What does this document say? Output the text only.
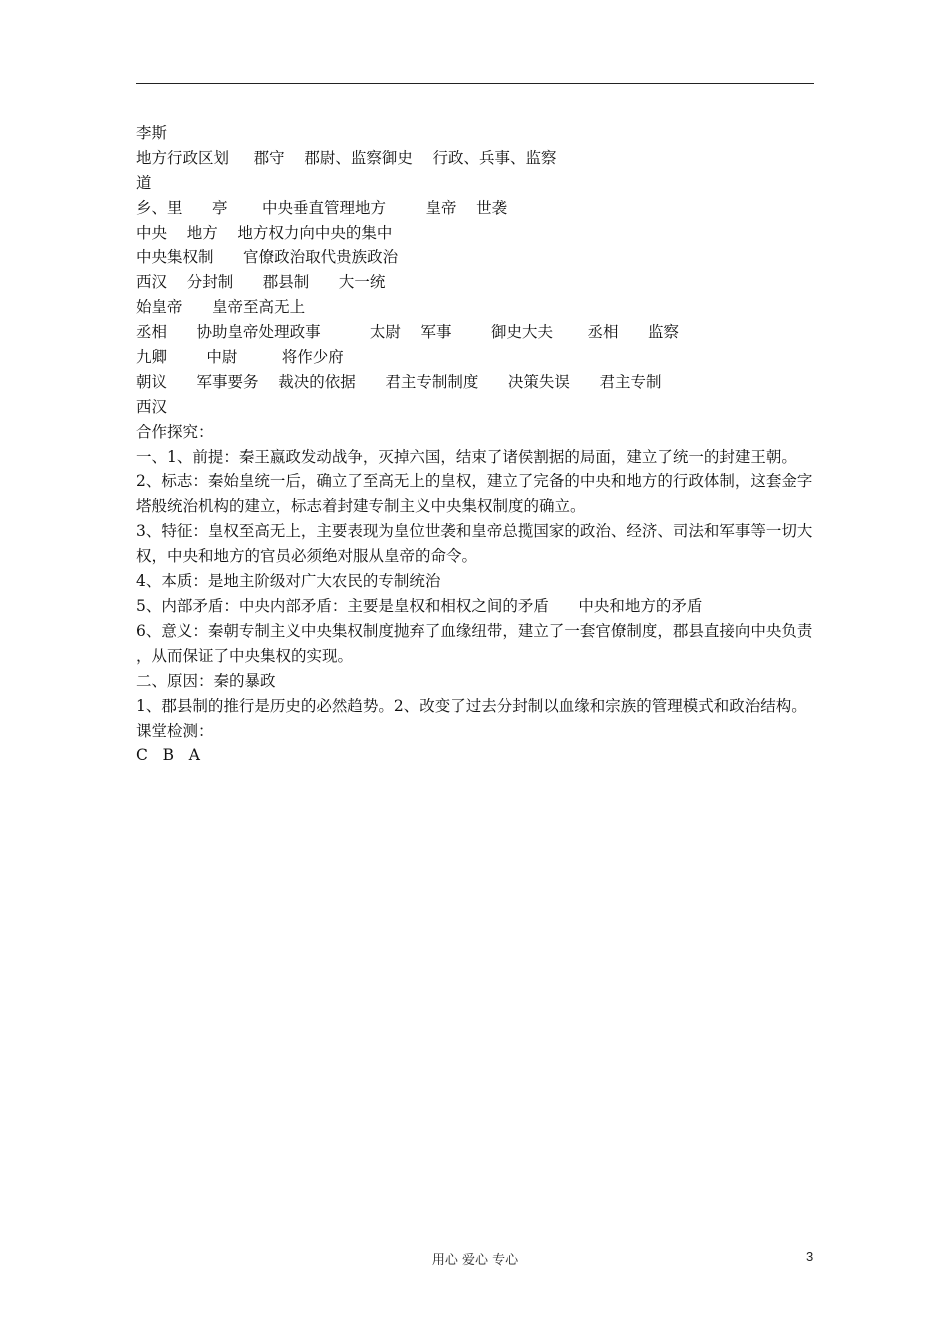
李斯
地方行政区划     郡守    郡尉、监察御史    行政、兵事、监察
道
乡、里      亭       中央垂直管理地方        皇帝    世袭
中央    地方    地方权力向中央的集中
中央集权制      官僚政治取代贵族政治
西汉    分封制      郡县制      大一统
始皇帝      皇帝至高无上
丞相      协助皇帝处理政事          太尉    军事        御史大夫       丞相      监察
九卿        中尉         将作少府
朝议      军事要务    裁决的依据      君主专制制度      决策失误      君主专制
西汉
合作探究：
一、1、前提：秦王嬴政发动战争，灭掉六国，结束了诸侯割据的局面，建立了统一的封建王朝。
2、标志：秦始皇统一后，确立了至高无上的皇权，建立了完备的中央和地方的行政体制，这套金字塔般统治机构的建立，标志着封建专制主义中央集权制度的确立。
3、特征：皇权至高无上，主要表现为皇位世袭和皇帝总揽国家的政治、经济、司法和军事等一切大权，中央和地方的官员必须绝对服从皇帝的命令。
4、本质：是地主阶级对广大农民的专制统治
5、内部矛盾：中央内部矛盾：主要是皇权和相权之间的矛盾      中央和地方的矛盾
6、意义：秦朝专制主义中央集权制度抛弃了血缘纽带，建立了一套官僚制度，郡县直接向中央负责，从而保证了中央集权的实现。
二、原因：秦的暴政
1、郡县制的推行是历史的必然趋势。2、改变了过去分封制以血缘和宗族的管理模式和政治结构。
课堂检测：
C   B   A
用心 爱心 专心	3
